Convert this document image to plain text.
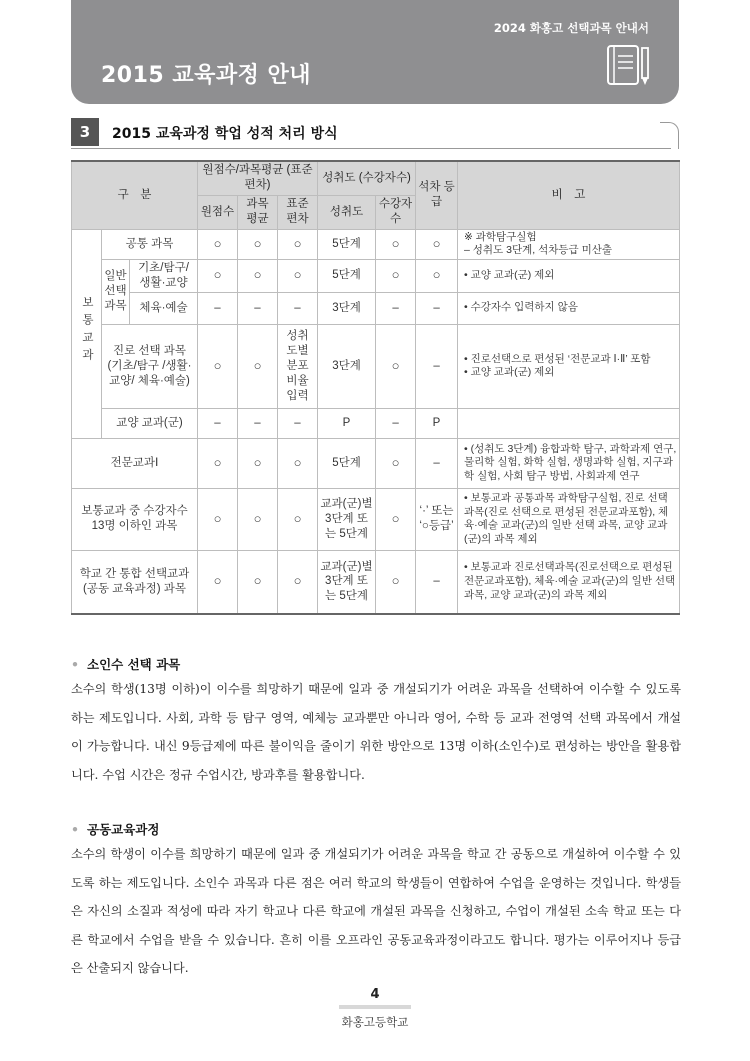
2024 화홍고 선택과목 안내서
2015 교육과정 안내
3	2015 교육과정 학업 성적 처리 방식
구　분			원점수/과목평균 (표준편차)			성취도 (수강자수)		석차 등급	비　고
			원점수	과목 평균	표준 편차	성취도	수강자 수		
보통교과	공통 과목		○	○	○	5단계	○	○	※ 과학탐구실험
– 성취도 3단계, 석차등급 미산출

	일반 선택 과목	기초/탐구/ 생활·교양	○	○	○	5단계	○	○	• 교양 교과(군) 제외
		체육·예술	–	–	–	3단계	–	–	• 수강자수 입력하지 않음
	진로 선택 과목 (기초/탐구 /생활·교양/ 체육·예술)		○	○	성취 도별 분포 비율 입력	3단계	○	–	• 진로선택으로 편성된 ‘전문교과 Ⅰ·Ⅱ’ 포함
• 교양 교과(군) 제외

	교양 교과(군)		–	–	–	P	–	P	
전문교과Ⅰ			○	○	○	5단계	○	–	• (성취도 3단계) 융합과학 탐구, 과학과제 연구, 물리학 실험, 화학 실험, 생명과학 실험, 지구과학 실험, 사회 탐구 방법, 사회과제 연구
보통교과 중 수강자수 13명 이하인 과목			○	○	○	교과(군)별 3단계 또는 5단계	○	‘·’ 또는 ‘○등급’	• 보통교과 공통과목 과학탐구실험, 진로 선택 과목(진로 선택으로 편성된 전문교과포함), 체육·예술 교과(군)의 일반 선택 과목, 교양 교과(군)의 과목 제외
학교 간 통합 선택교과 (공동 교육과정) 과목			○	○	○	교과(군)별 3단계 또는 5단계	○	–	• 보통교과 진로선택과목(진로선택으로 편성된 전문교과포함), 체육·예술 교과(군)의 일반 선택 과목, 교양 교과(군)의 과목 제외
• 소인수 선택 과목
소수의 학생(13명 이하)이 이수를 희망하기 때문에 일과 중 개설되기가 어려운 과목을 선택하여 이수할 수 있도록 하는 제도입니다. 사회, 과학 등 탐구 영역, 예체능 교과뿐만 아니라 영어, 수학 등 교과 전영역 선택 과목에서 개설이 가능합니다. 내신 9등급제에 따른 불이익을 줄이기 위한 방안으로 13명 이하(소인수)로 편성하는 방안을 활용합니다. 수업 시간은 정규 수업시간, 방과후를 활용합니다.
• 공동교육과정
소수의 학생이 이수를 희망하기 때문에 일과 중 개설되기가 어려운 과목을 학교 간 공동으로 개설하여 이수할 수 있도록 하는 제도입니다. 소인수 과목과 다른 점은 여러 학교의 학생들이 연합하여 수업을 운영하는 것입니다. 학생들은 자신의 소질과 적성에 따라 자기 학교나 다른 학교에 개설된 과목을 신청하고, 수업이 개설된 소속 학교 또는 다른 학교에서 수업을 받을 수 있습니다. 흔히 이를 오프라인 공동교육과정이라고도 합니다. 평가는 이루어지나 등급은 산출되지 않습니다.
4
화홍고등학교
